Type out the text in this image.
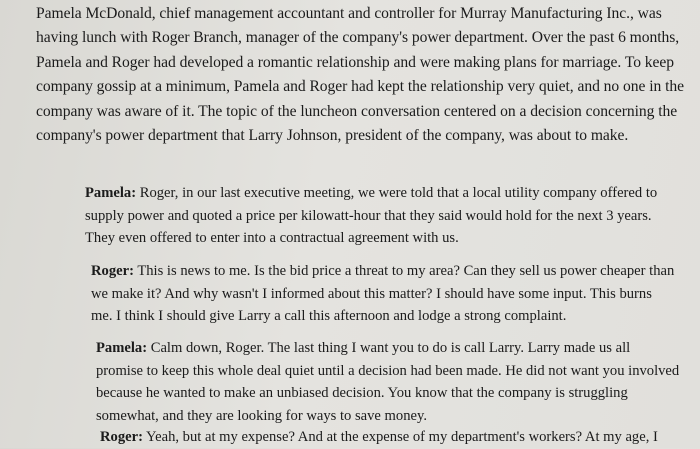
Pamela McDonald, chief management accountant and controller for Murray Manufacturing Inc., was
having lunch with Roger Branch, manager of the company's power department. Over the past 6 months,
Pamela and Roger had developed a romantic relationship and were making plans for marriage. To keep
company gossip at a minimum, Pamela and Roger had kept the relationship very quiet, and no one in the
company was aware of it. The topic of the luncheon conversation centered on a decision concerning the
company's power department that Larry Johnson, president of the company, was about to make.

Pamela: Roger, in our last executive meeting, we were told that a local utility company offered to
supply power and quoted a price per kilowatt-hour that they said would hold for the next 3 years.
They even offered to enter into a contractual agreement with us.

Roger: This is news to me. Is the bid price a threat to my area? Can they sell us power cheaper than
we make it? And why wasn't I informed about this matter? I should have some input. This burns
me. I think I should give Larry a call this afternoon and lodge a strong complaint.

Pamela: Calm down, Roger. The last thing I want you to do is call Larry. Larry made us all
promise to keep this whole deal quiet until a decision had been made. He did not want you involved
because he wanted to make an unbiased decision. You know that the company is struggling
somewhat, and they are looking for ways to save money.

Roger: Yeah, but at my expense? And at the expense of my department's workers? At my age, I
